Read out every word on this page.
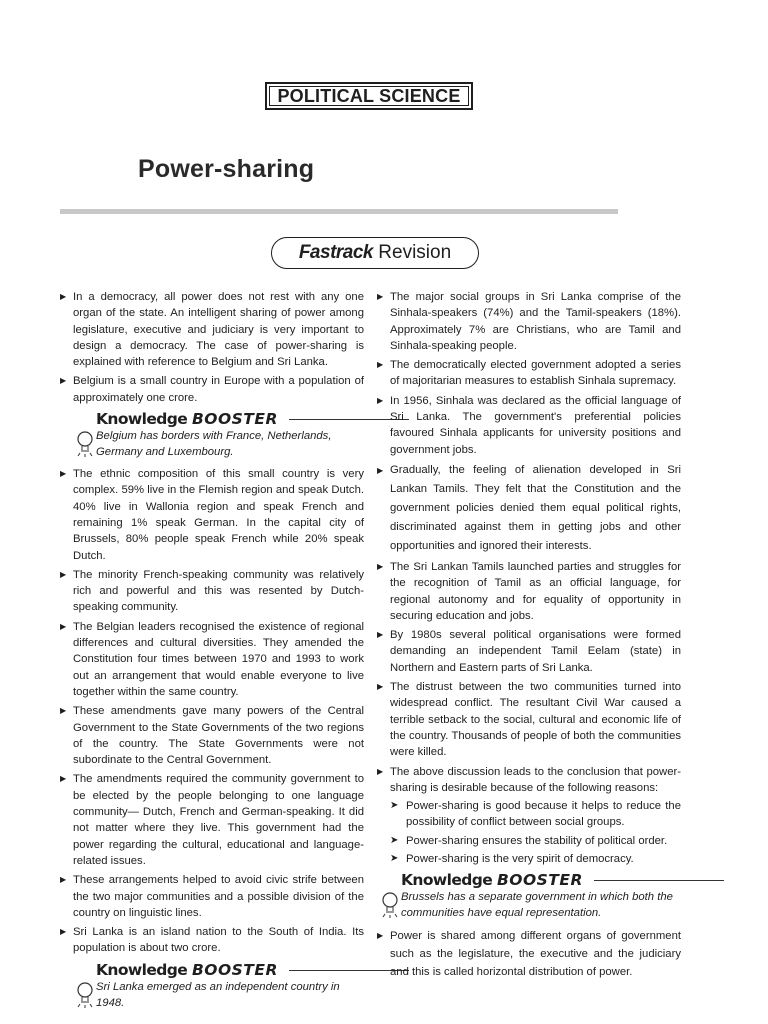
POLITICAL SCIENCE
Power-sharing
Fastrack Revision
▶ In a democracy, all power does not rest with any one organ of the state. An intelligent sharing of power among legislature, executive and judiciary is very important to design a democracy. The case of power-sharing is explained with reference to Belgium and Sri Lanka.
▶ Belgium is a small country in Europe with a population of approximately one crore.
Knowledge BOOSTER
Belgium has borders with France, Netherlands, Germany and Luxembourg.
▶ The ethnic composition of this small country is very complex. 59% live in the Flemish region and speak Dutch. 40% live in Wallonia region and speak French and remaining 1% speak German. In the capital city of Brussels, 80% people speak French while 20% speak Dutch.
▶ The minority French-speaking community was relatively rich and powerful and this was resented by Dutch-speaking community.
▶ The Belgian leaders recognised the existence of regional differences and cultural diversities. They amended the Constitution four times between 1970 and 1993 to work out an arrangement that would enable everyone to live together within the same country.
▶ These amendments gave many powers of the Central Government to the State Governments of the two regions of the country. The State Governments were not subordinate to the Central Government.
▶ The amendments required the community government to be elected by the people belonging to one language community— Dutch, French and German-speaking. It did not matter where they live. This government had the power regarding the cultural, educational and language-related issues.
▶ These arrangements helped to avoid civic strife between the two major communities and a possible division of the country on linguistic lines.
▶ Sri Lanka is an island nation to the South of India. Its population is about two crore.
Knowledge BOOSTER
Sri Lanka emerged as an independent country in 1948.
▶ The major social groups in Sri Lanka comprise of the Sinhala-speakers (74%) and the Tamil-speakers (18%). Approximately 7% are Christians, who are Tamil and Sinhala-speaking people.
▶ The democratically elected government adopted a series of majoritarian measures to establish Sinhala supremacy.
▶ In 1956, Sinhala was declared as the official language of Sri Lanka. The government's preferential policies favoured Sinhala applicants for university positions and government jobs.
▶ Gradually, the feeling of alienation developed in Sri Lankan Tamils. They felt that the Constitution and the government policies denied them equal political rights, discriminated against them in getting jobs and other opportunities and ignored their interests.
▶ The Sri Lankan Tamils launched parties and struggles for the recognition of Tamil as an official language, for regional autonomy and for equality of opportunity in securing education and jobs.
▶ By 1980s several political organisations were formed demanding an independent Tamil Eelam (state) in Northern and Eastern parts of Sri Lanka.
▶ The distrust between the two communities turned into widespread conflict. The resultant Civil War caused a terrible setback to the social, cultural and economic life of the country. Thousands of people of both the communities were killed.
▶ The above discussion leads to the conclusion that power-sharing is desirable because of the following reasons:
➤ Power-sharing is good because it helps to reduce the possibility of conflict between social groups.
➤ Power-sharing ensures the stability of political order.
➤ Power-sharing is the very spirit of democracy.
Knowledge BOOSTER
Brussels has a separate government in which both the communities have equal representation.
▶ Power is shared among different organs of government such as the legislature, the executive and the judiciary and this is called horizontal distribution of power.
